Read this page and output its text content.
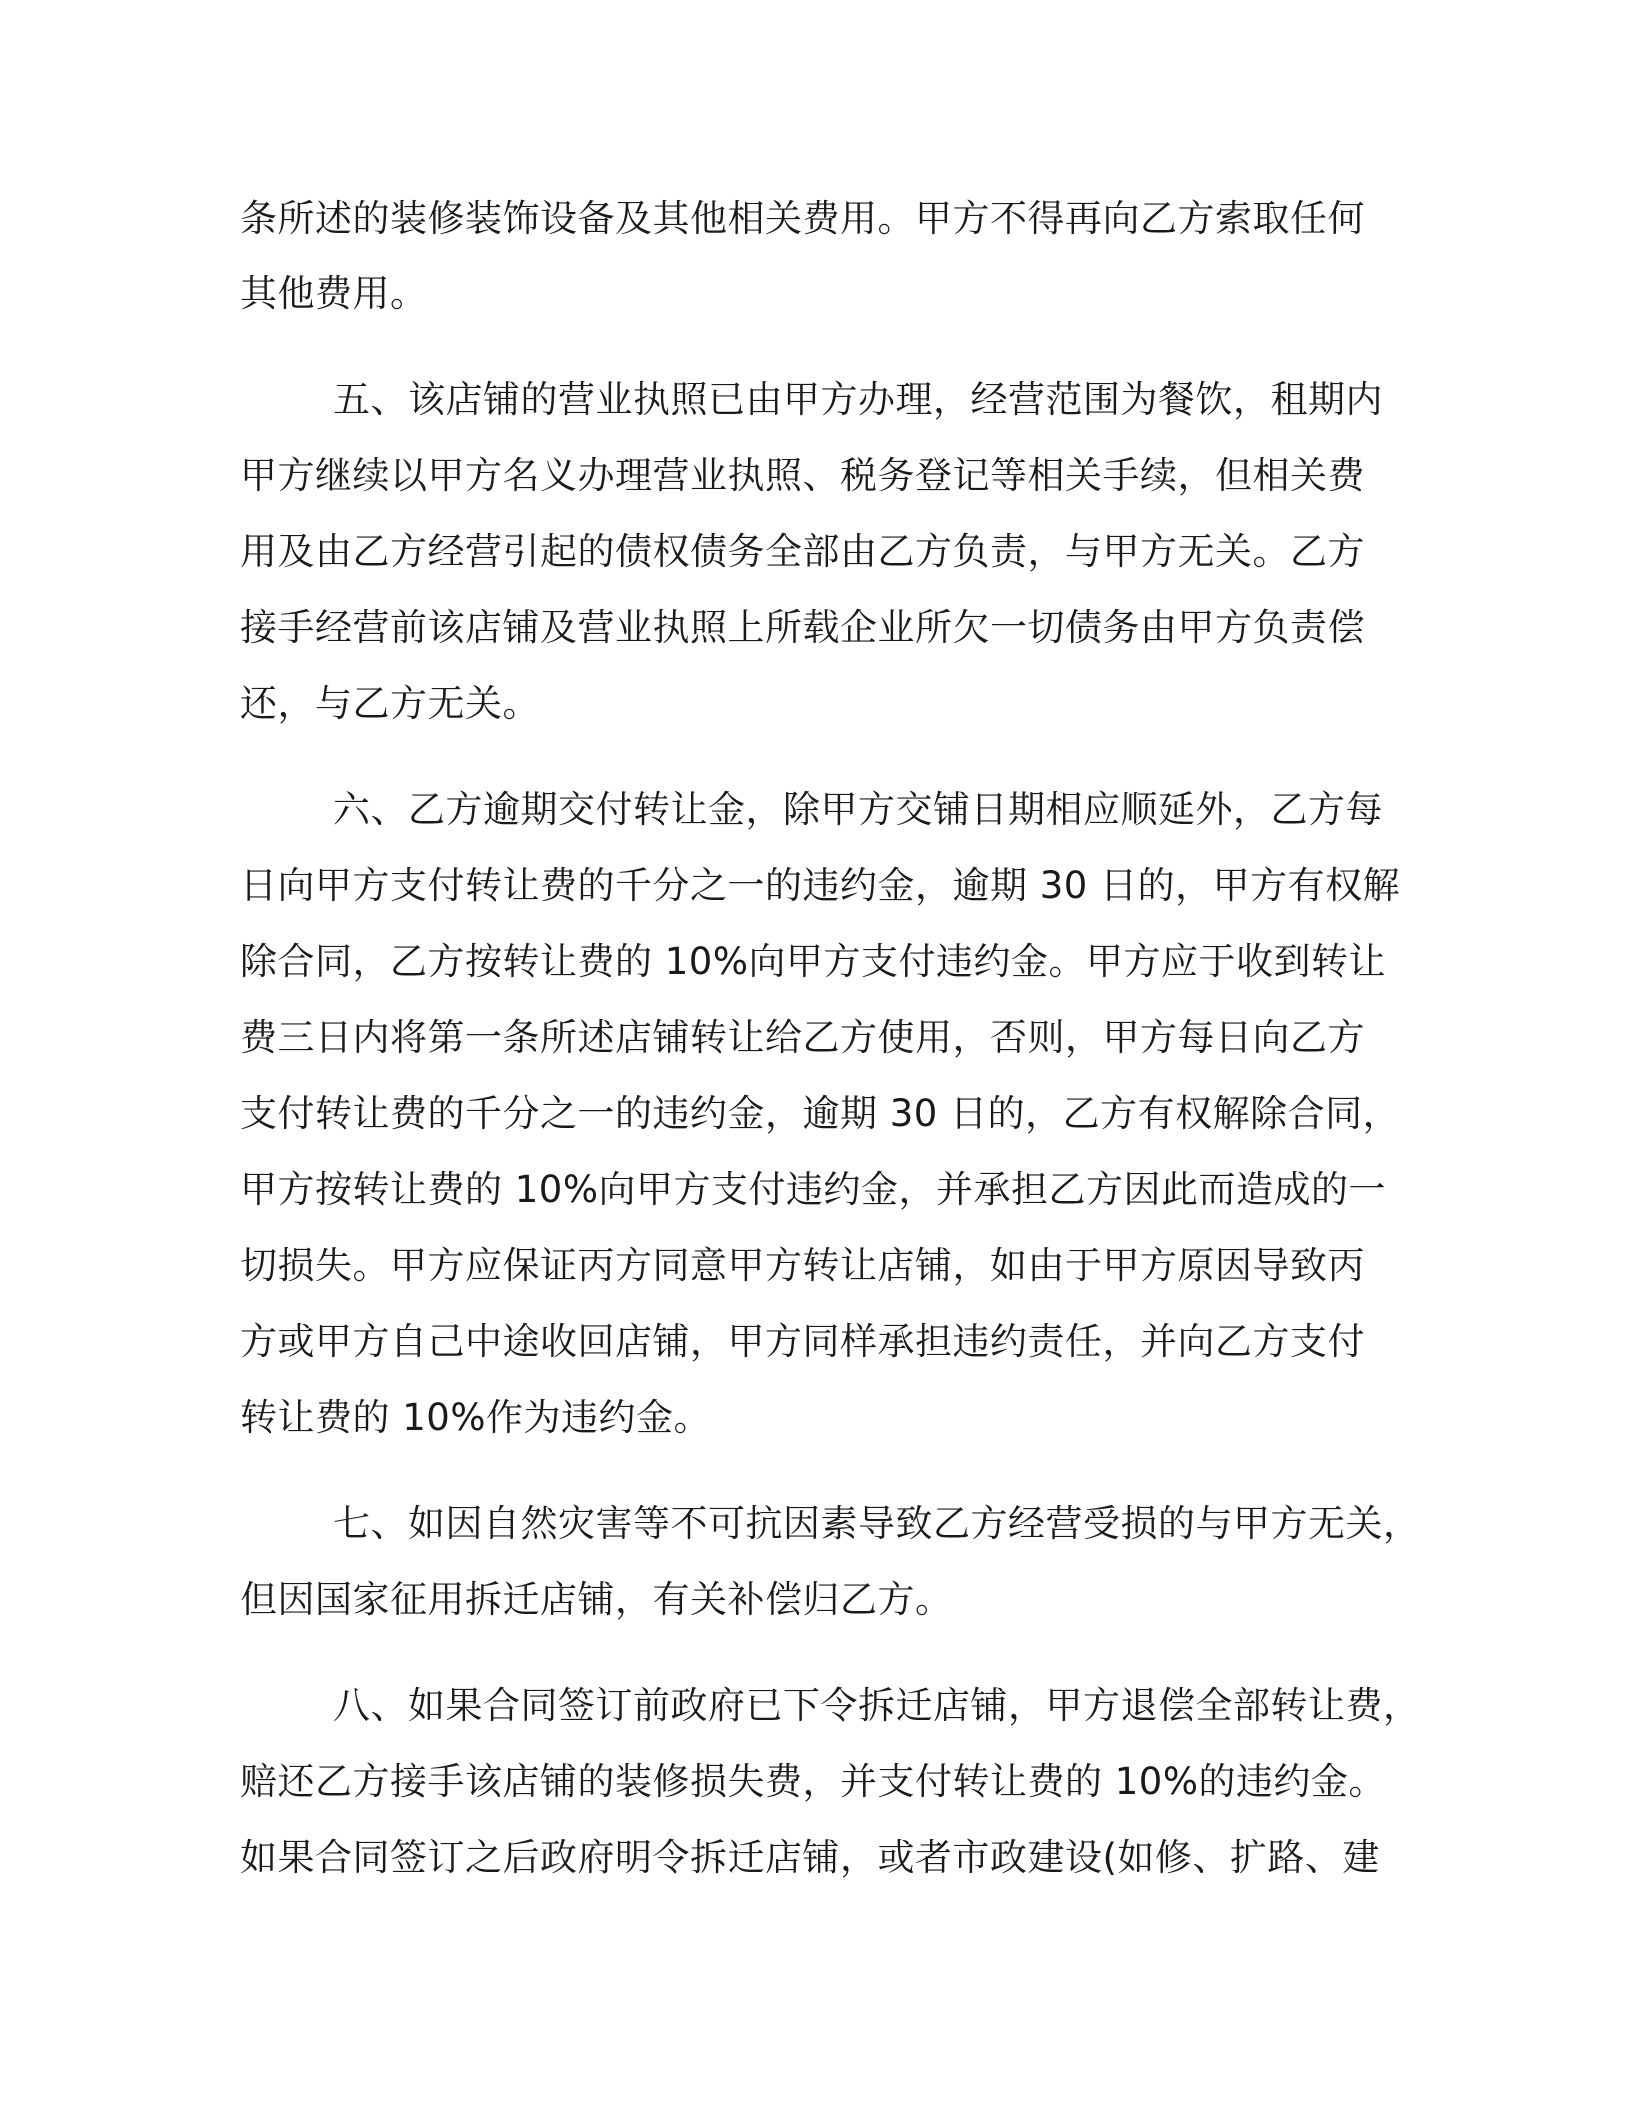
条所述的装修装饰设备及其他相关费用。甲方不得再向乙方索取任何
其他费用。
五、该店铺的营业执照已由甲方办理，经营范围为餐饮，租期内
甲方继续以甲方名义办理营业执照、税务登记等相关手续，但相关费
用及由乙方经营引起的债权债务全部由乙方负责，与甲方无关。乙方
接手经营前该店铺及营业执照上所载企业所欠一切债务由甲方负责偿
还，与乙方无关。
六、乙方逾期交付转让金，除甲方交铺日期相应顺延外，乙方每
日向甲方支付转让费的千分之一的违约金，逾期 30 日的，甲方有权解
除合同，乙方按转让费的 10%向甲方支付违约金。甲方应于收到转让
费三日内将第一条所述店铺转让给乙方使用，否则，甲方每日向乙方
支付转让费的千分之一的违约金，逾期 30 日的，乙方有权解除合同，
甲方按转让费的 10%向甲方支付违约金，并承担乙方因此而造成的一
切损失。甲方应保证丙方同意甲方转让店铺，如由于甲方原因导致丙
方或甲方自己中途收回店铺，甲方同样承担违约责任，并向乙方支付
转让费的 10%作为违约金。
七、如因自然灾害等不可抗因素导致乙方经营受损的与甲方无关，
但因国家征用拆迁店铺，有关补偿归乙方。
八、如果合同签订前政府已下令拆迁店铺，甲方退偿全部转让费，
赔还乙方接手该店铺的装修损失费，并支付转让费的 10%的违约金。
如果合同签订之后政府明令拆迁店铺，或者市政建设(如修、扩路、建
